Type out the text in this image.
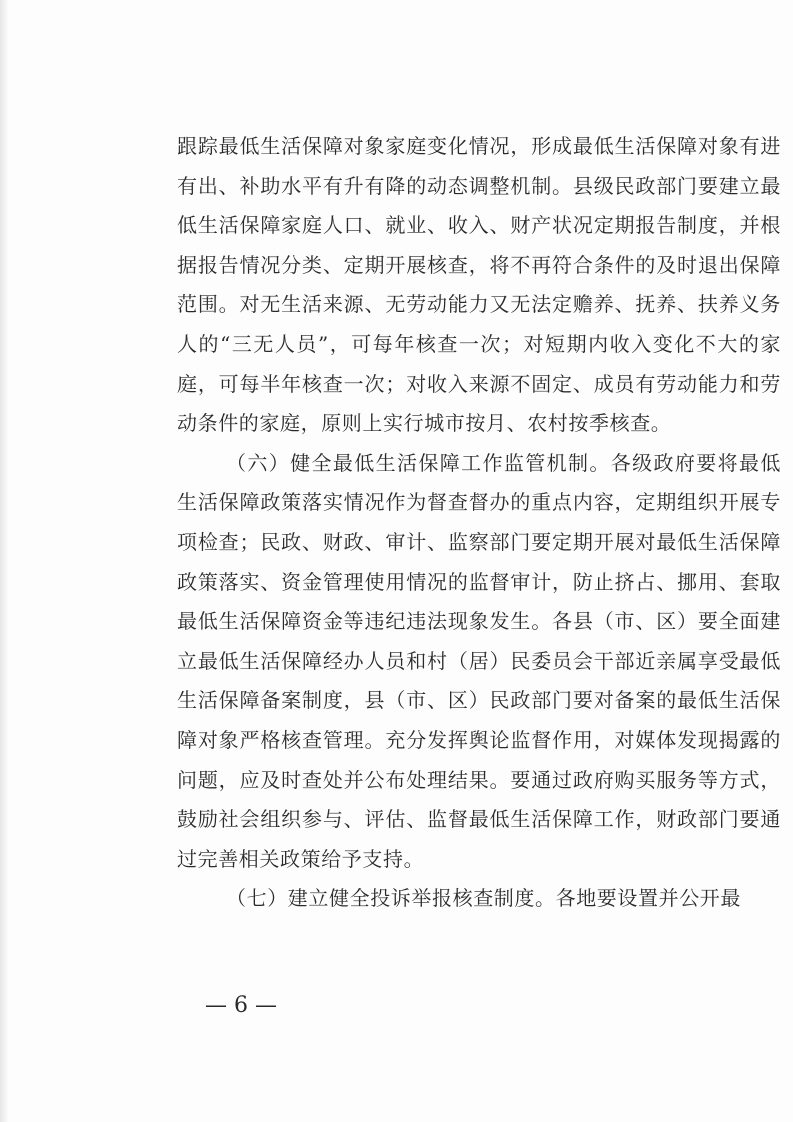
跟踪最低生活保障对象家庭变化情况，形成最低生活保障对象有进有出、补助水平有升有降的动态调整机制。县级民政部门要建立最低生活保障家庭人口、就业、收入、财产状况定期报告制度，并根据报告情况分类、定期开展核查，将不再符合条件的及时退出保障范围。对无生活来源、无劳动能力又无法定赡养、抚养、扶养义务人的“三无人员”，可每年核查一次；对短期内收入变化不大的家庭，可每半年核查一次；对收入来源不固定、成员有劳动能力和劳动条件的家庭，原则上实行城市按月、农村按季核查。

（六）健全最低生活保障工作监管机制。各级政府要将最低生活保障政策落实情况作为督查督办的重点内容，定期组织开展专项检查；民政、财政、审计、监察部门要定期开展对最低生活保障政策落实、资金管理使用情况的监督审计，防止挤占、挪用、套取最低生活保障资金等违纪违法现象发生。各县（市、区）要全面建立最低生活保障经办人员和村（居）民委员会干部近亲属享受最低生活保障备案制度，县（市、区）民政部门要对备案的最低生活保障对象严格核查管理。充分发挥舆论监督作用，对媒体发现揭露的问题，应及时查处并公布处理结果。要通过政府购买服务等方式，鼓励社会组织参与、评估、监督最低生活保障工作，财政部门要通过完善相关政策给予支持。

（七）建立健全投诉举报核查制度。各地要设置并公开最

— 6 —
